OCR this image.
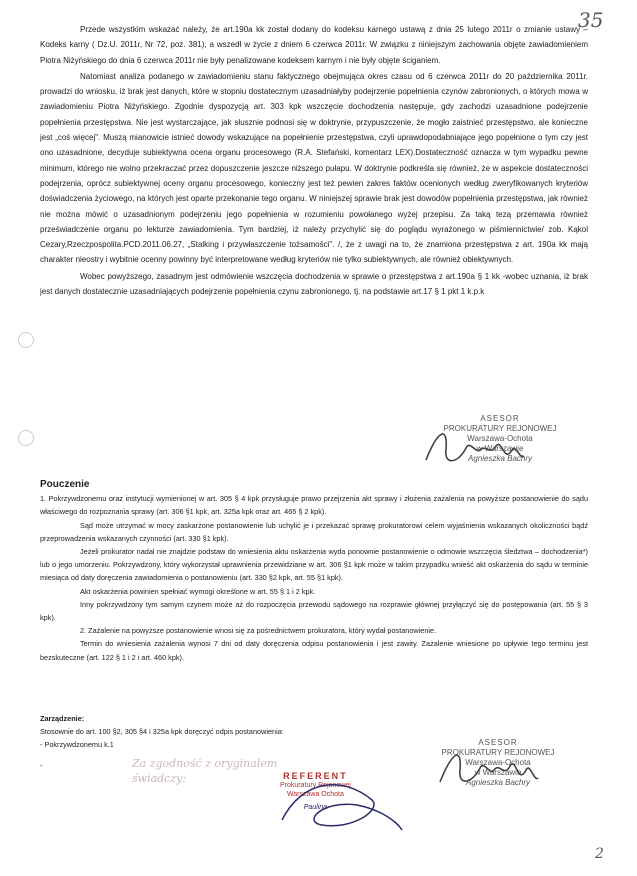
35

Przede wszystkim wskazać należy, że art.190a kk został dodany do kodeksu karnego ustawą z dnia 25 lutego 2011r o zmianie ustawy – Kodeks karny ( Dz.U. 2011r, Nr 72, poz. 381), a wszedł w życie z dniem 6 czerwca 2011r. W związku z niniejszym zachowania objęte zawiadomieniem Piotra Niżyńskiego do dnia 6 czerwca 2011r nie były penalizowane kodeksem karnym i nie były objęte ściganiem.

Natomiast analiza podanego w zawiadomieniu stanu faktycznego obejmująca okres czasu od 6 czerwca 2011r do 20 października 2011r. prowadzi do wniosku, iż brak jest danych, które w stopniu dostatecznym uzasadniałyby podejrzenie popełnienia czynów zabronionych, o których mowa w zawiadomieniu Piotra Niżyńskiego. Zgodnie dyspozycją art. 303 kpk wszczęcie dochodzenia następuje, gdy zachodzi uzasadnione podejrzenie popełnienia przestępstwa. Nie jest wystarczające, jak słusznie podnosi się w doktrynie, przypuszczenie, że mogło zaistnieć przestępstwo, ale konieczne jest „coś więcej". Muszą mianowicie istnieć dowody wskazujące na popełnienie przestępstwa, czyli uprawdopodabniające jego popełnione o tym czy jest ono uzasadnione, decyduje subiektywna ocena organu procesowego (R.A. Stefański, komentarz LEX).Dostateczność oznacza w tym wypadku pewne minimum, którego nie wolno przekraczać przez dopuszczenie jeszcze niższego pułapu. W doktrynie podkreśla się również, że w aspekcie dostateczności podejrzenia, oprócz subiektywnej oceny organu procesowego, konieczny jest też pewien zakres faktów ocenionych według zweryfikowanych kryteriów doświadczenia życiowego, na których jest oparte przekonanie tego organu. W niniejszej sprawie brak jest dowodów popełnienia przestępstwa, jak również nie można mówić o uzasadnionym podejrzeniu jego popełnienia w rozumieniu powołanego wyżej przepisu. Za taką tezą przemawia również przeświadczenie organu po lekturze zawiadomienia. Tym bardziej, iż należy przychylić się do poglądu wyrażonego w piśmiennictwie/ zob. Kąkol Cezary,Rzeczpospolita.PCD.2011.06.27, „Stalking i przywłaszczenie tożsamości". /, że z uwagi na to, że znamiona przestępstwa z art. 190a kk mają charakter nieostry i wybitnie ocenny powinny być interpretowane według kryteriów nie tylko subiektywnych, ale również obiektywnych.

Wobec powyższego, zasadnym jest odmówienie wszczęcia dochodzenia w sprawie o przestępstwa z art.190a § 1 kk -wobec uznania, iż brak jest danych dostatecznie uzasadniających podejrzenie popełnienia czynu zabronionego, tj. na podstawie art.17 § 1 pkt 1 k.p.k

ASESOR
PROKURATURY REJONOWEJ
Warszawa-Ochota
w Warszawie
Agnieszka Bachry
Pouczenie

1. Pokrzywdzonemu oraz instytucji wymienionej w art. 305 § 4 kpk przysługuje prawo przejrzenia akt sprawy i złożenia zażalenia na powyższe postanowienie do sądu właściwego do rozpoznania sprawy (art. 306 §1 kpk, art. 325a kpk oraz art. 465 § 2 kpk).

Sąd może utrzymać w mocy zaskarżone postanowienie lub uchylić je i przekazać sprawę prokuratorowi celem wyjaśnienia wskazanych okoliczności bądź przeprowadzenia wskazanych czynności (art. 330 §1 kpk).

Jeżeli prokurator nadal nie znajdzie podstaw do wniesienia aktu oskarżenia wyda ponownie postanowienie o odmowie wszczęcia śledztwa – dochodzenia*) lub o jego umorzeniu. Pokrzywdzony, który wykorzystał uprawnienia przewidziane w art. 306 §1 kpk może w takim przypadku wnieść akt oskarżenia do sądu w terminie miesiąca od daty doręczenia zawiadomienia o postanowieniu (art. 330 §2 kpk, art. 55 §1 kpk).

Akt oskarżenia powinien spełniać wymogi określone w art. 55 § 1 i 2 kpk.

Inny pokrzywdzony tym samym czynem może aż do rozpoczęcia przewodu sądowego na rozprawie głównej przyłączyć się do postępowania (art. 55 § 3 kpk).

2. Zażalenie na powyższe postanowienie wnosi się za pośrednictwem prokuratora, który wydał postanowienie.

Termin do wniesienia zażalenia wynosi 7 dni od daty doręczenia odpisu postanowienia i jest zawity. Zażalenie wniesione po upływie tego terminu jest bezskuteczne (art. 122 § 1 i 2 i art. 460 kpk).

Zarządzenie:
Stosownie do art. 100 §2, 305 §4 i 325a kpk doręczyć odpis postanowienia:
- Pokrzywdzonemu k.1
-
ASESOR
PROKURATURY REJONOWEJ
Warszawa-Ochota
w Warszawie
Agnieszka Bachry
Za zgodność z oryginałem
świadczy:	REFERENT
Prokuratury Rejonowej
Warszawa Ochota
Paulina
2
